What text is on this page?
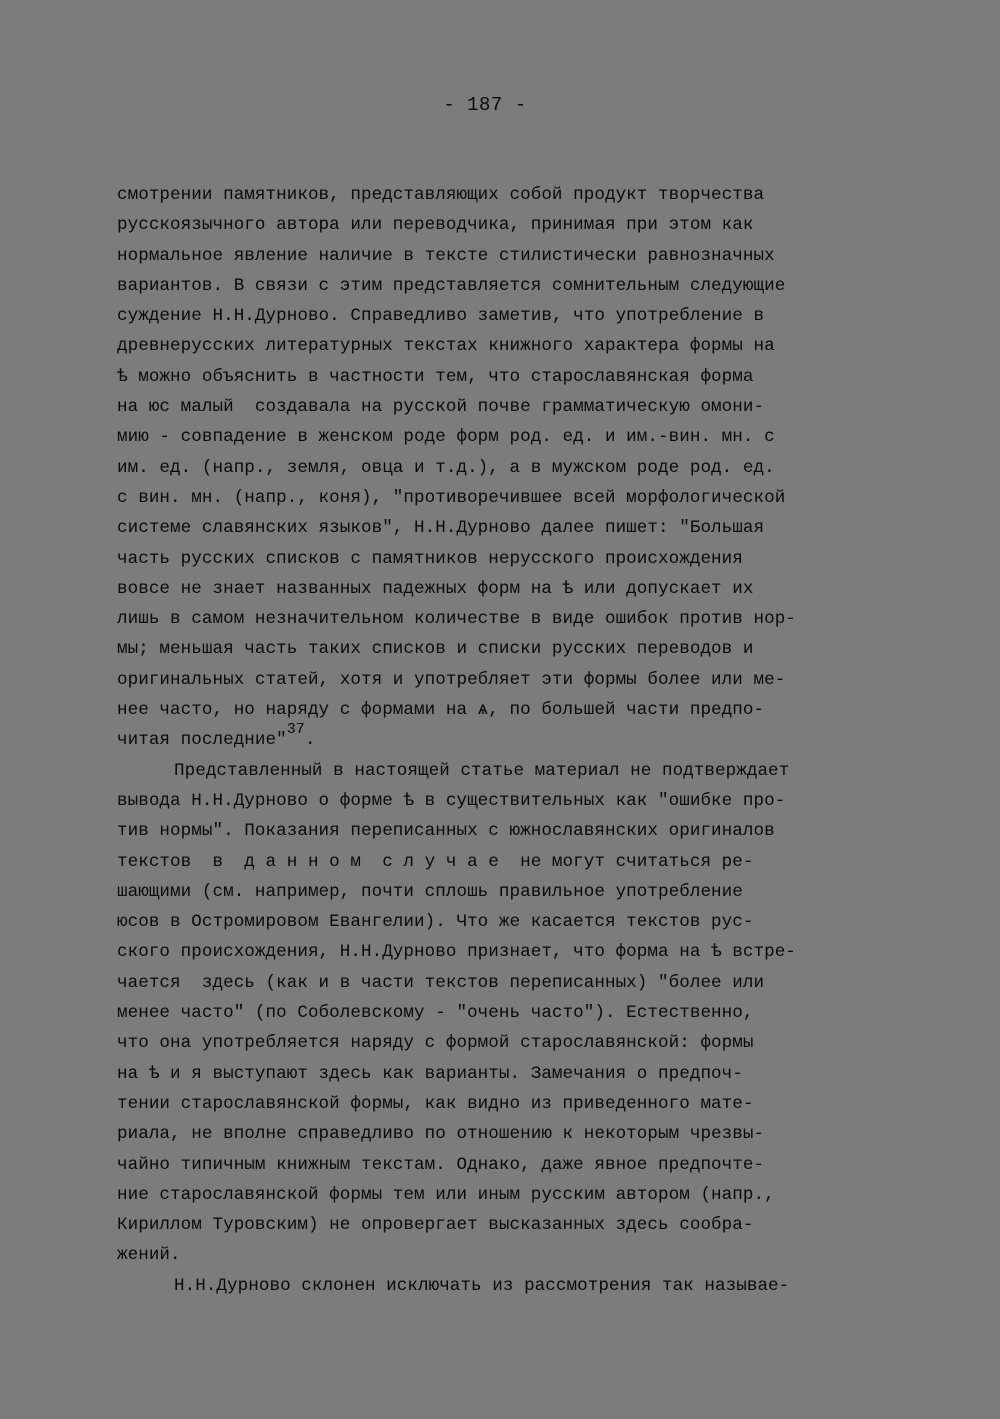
- 187 -
смотрении памятников, представляющих собой продукт творчества
русскоязычного автора или переводчика, принимая при этом как
нормальное явление наличие в тексте стилистически равнозначных
вариантов. В связи с этим представляется сомнительным следующие
суждение Н.Н.Дурново. Справедливо заметив, что употребление в
древнерусских литературных текстах книжного характера формы на
ѣ можно объяснить в частности тем, что старославянская форма
на юс малый  создавала на русской почве грамматическую омони-
мию - совпадение в женском роде форм род. ед. и им.-вин. мн. с
им. ед. (напр., земля, овца и т.д.), а в мужском роде род. ед.
с вин. мн. (напр., коня), "противоречившее всей морфологической
системе славянских языков", Н.Н.Дурново далее пишет: "Большая
часть русских списков с памятников нерусского происхождения
вовсе не знает названных падежных форм на ѣ или допускает их
лишь в самом незначительном количестве в виде ошибок против нор-
мы; меньшая часть таких списков и списки русских переводов и
оригинальных статей, хотя и употребляет эти формы более или ме-
нее часто, но наряду с формами на ѧ, по большей части предпо-
читая последние"$^{37}$.
Представленный в настоящей статье материал не подтверждает
вывода Н.Н.Дурново о форме ѣ в существительных как "ошибке про-
тив нормы". Показания переписанных с южнославянских оригиналов
текстов  в  д а н н о м  с л у ч а е  не могут считаться ре-
шающими (см. например, почти сплошь правильное употребление
юсов в Остромировом Евангелии). Что же касается текстов рус-
ского происхождения, Н.Н.Дурново признает, что форма на ѣ встре-
чается  здесь (как и в части текстов переписанных) "более или
менее часто" (по Соболевскому - "очень часто"). Естественно,
что она употребляется наряду с формой старославянской: формы
на ѣ и я выступают здесь как варианты. Замечания о предпоч-
тении старославянской формы, как видно из приведенного мате-
риала, не вполне справедливо по отношению к некоторым чрезвы-
чайно типичным книжным текстам. Однако, даже явное предпочте-
ние старославянской формы тем или иным русским автором (напр.,
Кириллом Туровским) не опровергает высказанных здесь сообра-
жений.
Н.Н.Дурново склонен исключать из рассмотрения так называе-
